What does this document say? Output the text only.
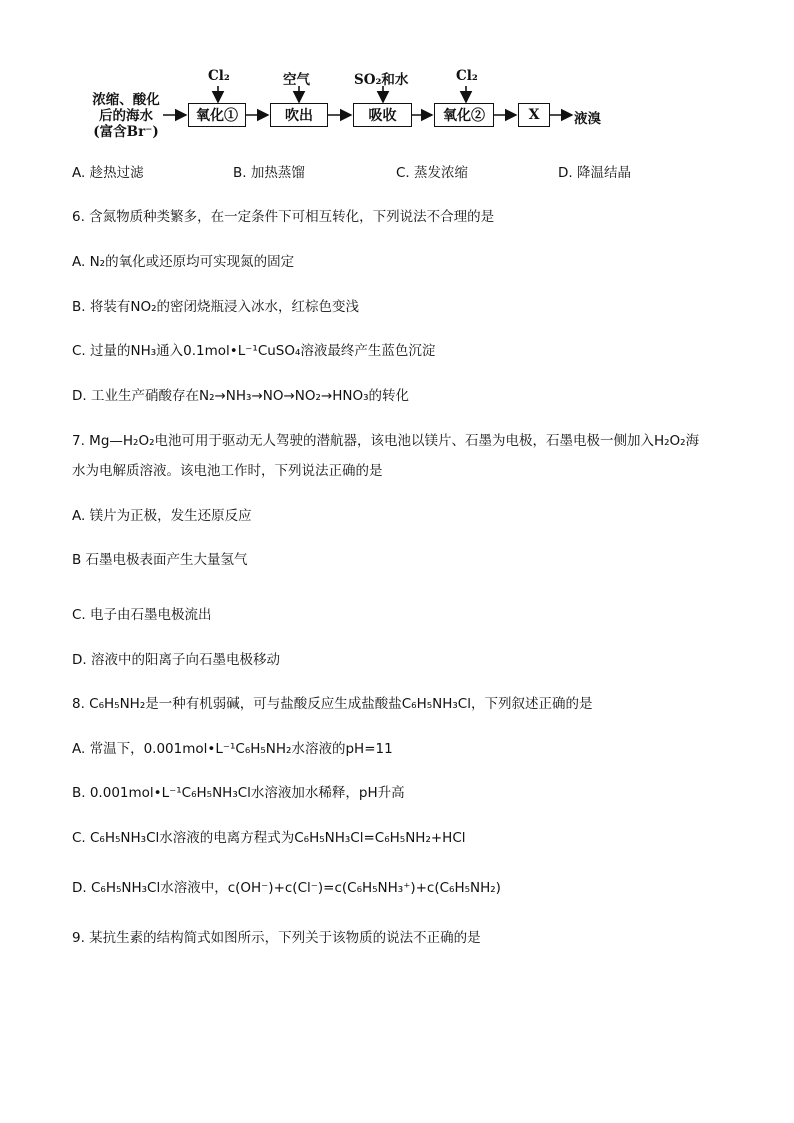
浓缩、酸化
后的海水
(富含Br⁻)
Cl₂	空气	SO₂和水	Cl₂
氧化①	吹出	吸收	氧化②	X	液溴
A. 趁热过滤	B. 加热蒸馏	C. 蒸发浓缩	D. 降温结晶
6. 含氮物质种类繁多，在一定条件下可相互转化，下列说法不合理的是
A. N₂的氧化或还原均可实现氮的固定
B. 将装有NO₂的密闭烧瓶浸入冰水，红棕色变浅
C. 过量的NH₃通入0.1mol•L⁻¹CuSO₄溶液最终产生蓝色沉淀
D. 工业生产硝酸存在N₂→NH₃→NO→NO₂→HNO₃的转化
7. Mg—H₂O₂电池可用于驱动无人驾驶的潜航器，该电池以镁片、石墨为电极，石墨电极一侧加入H₂O₂海
水为电解质溶液。该电池工作时，下列说法正确的是
A. 镁片为正极，发生还原反应
B 石墨电极表面产生大量氢气
C. 电子由石墨电极流出
D. 溶液中的阳离子向石墨电极移动
8. C₆H₅NH₂是一种有机弱碱，可与盐酸反应生成盐酸盐C₆H₅NH₃Cl，下列叙述正确的是
A. 常温下，0.001mol•L⁻¹C₆H₅NH₂水溶液的pH=11
B. 0.001mol•L⁻¹C₆H₅NH₃Cl水溶液加水稀释，pH升高
C. C₆H₅NH₃Cl水溶液的电离方程式为C₆H₅NH₃Cl=C₆H₅NH₂+HCl
D. C₆H₅NH₃Cl水溶液中，c(OH⁻)+c(Cl⁻)=c(C₆H₅NH₃⁺)+c(C₆H₅NH₂)
9. 某抗生素的结构简式如图所示，下列关于该物质的说法不正确的是
